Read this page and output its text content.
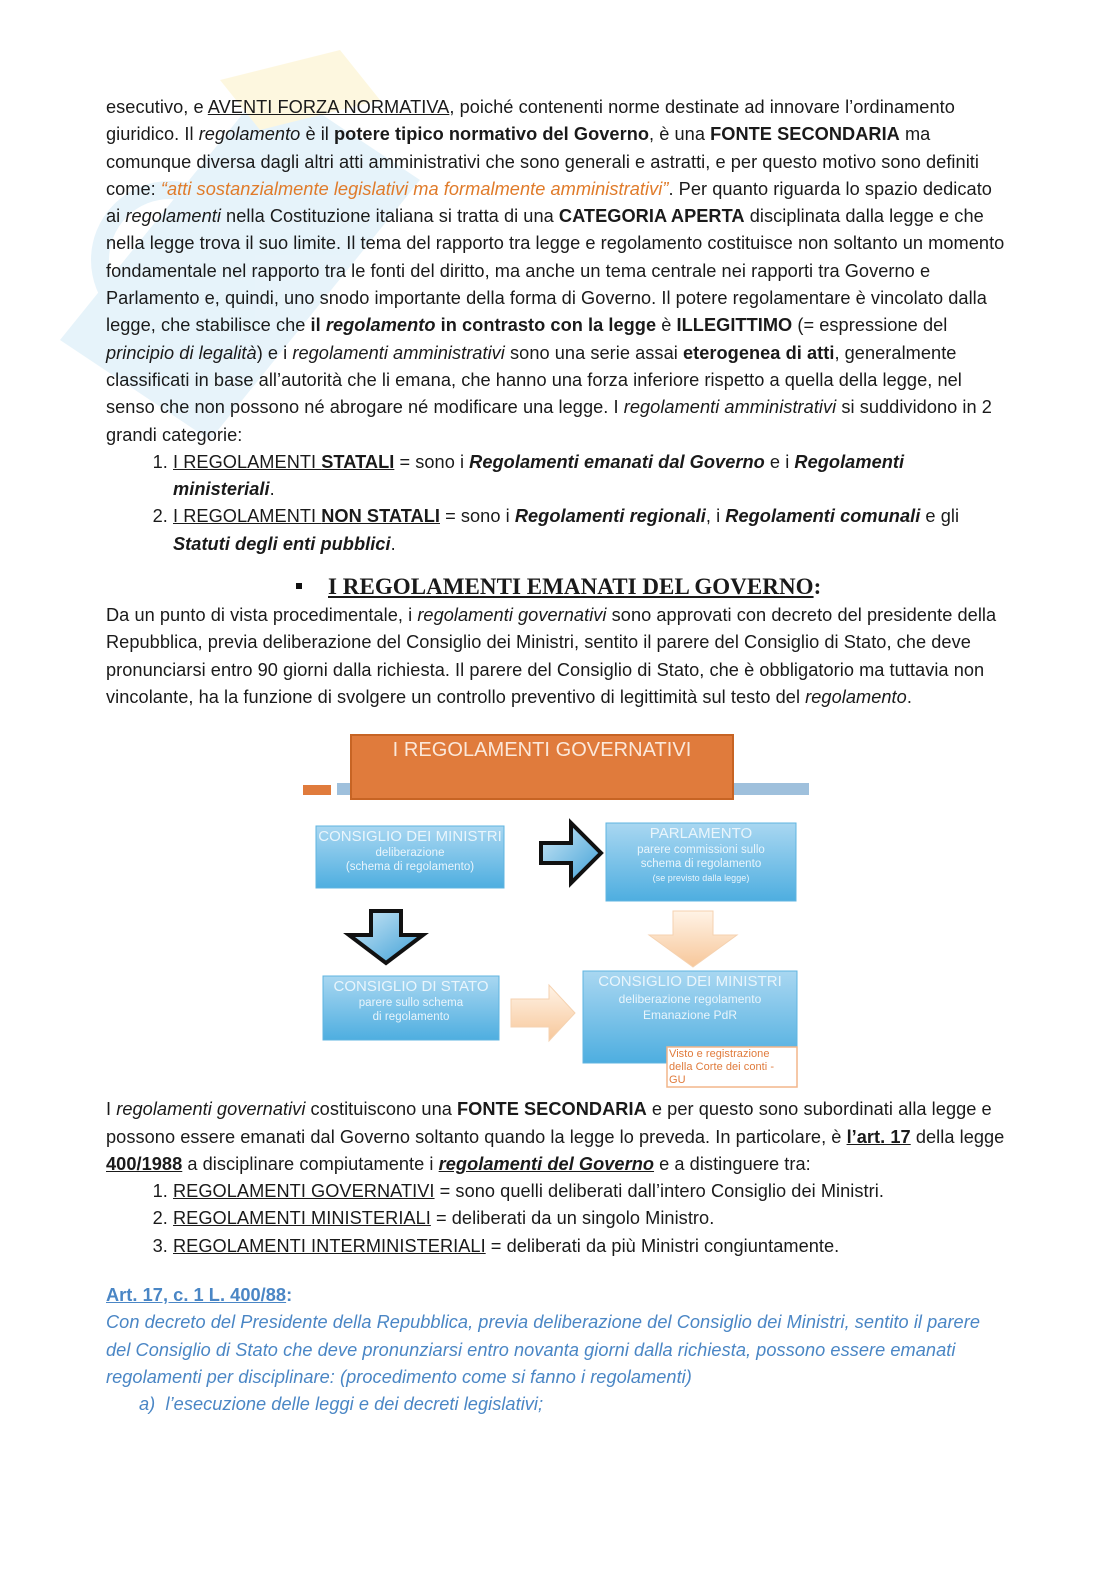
esecutivo, e AVENTI FORZA NORMATIVA, poiché contenenti norme destinate ad innovare l’ordinamento giuridico. Il regolamento è il potere tipico normativo del Governo, è una FONTE SECONDARIA ma comunque diversa dagli altri atti amministrativi che sono generali e astratti, e per questo motivo sono definiti come: “atti sostanzialmente legislativi ma formalmente amministrativi”. Per quanto riguarda lo spazio dedicato ai regolamenti nella Costituzione italiana si tratta di una CATEGORIA APERTA disciplinata dalla legge e che nella legge trova il suo limite. Il tema del rapporto tra legge e regolamento costituisce non soltanto un momento fondamentale nel rapporto tra le fonti del diritto, ma anche un tema centrale nei rapporti tra Governo e Parlamento e, quindi, uno snodo importante della forma di Governo. Il potere regolamentare è vincolato dalla legge, che stabilisce che il regolamento in contrasto con la legge è ILLEGITTIMO (= espressione del principio di legalità) e i regolamenti amministrativi sono una serie assai eterogenea di atti, generalmente classificati in base all’autorità che li emana, che hanno una forza inferiore rispetto a quella della legge, nel senso che non possono né abrogare né modificare una legge. I regolamenti amministrativi si suddividono in 2 grandi categorie:

1. I REGOLAMENTI STATALI = sono i Regolamenti emanati dal Governo e i Regolamenti ministeriali.
2. I REGOLAMENTI NON STATALI = sono i Regolamenti regionali, i Regolamenti comunali e gli Statuti degli enti pubblici.
I REGOLAMENTI EMANATI DEL GOVERNO:

Da un punto di vista procedimentale, i regolamenti governativi sono approvati con decreto del presidente della Repubblica, previa deliberazione del Consiglio dei Ministri, sentito il parere del Consiglio di Stato, che deve pronunciarsi entro 90 giorni dalla richiesta. Il parere del Consiglio di Stato, che è obbligatorio ma tuttavia non vincolante, ha la funzione di svolgere un controllo preventivo di legittimità sul testo del regolamento.

I REGOLAMENTI GOVERNATIVI
CONSIGLIO DEI MINISTRI
deliberazione
(schema di regolamento)
PARLAMENTO
parere commissioni sullo
schema di regolamento
(se previsto dalla legge)
CONSIGLIO DI STATO
parere sullo schema
di regolamento
CONSIGLIO DEI MINISTRI
deliberazione regolamento
Emanazione PdR
Visto e registrazione
della Corte dei conti -
GU

I regolamenti governativi costituiscono una FONTE SECONDARIA e per questo sono subordinati alla legge e possono essere emanati dal Governo soltanto quando la legge lo preveda. In particolare, è l’art. 17 della legge 400/1988 a disciplinare compiutamente i regolamenti del Governo e a distinguere tra:

1. REGOLAMENTI GOVERNATIVI = sono quelli deliberati dall’intero Consiglio dei Ministri.
2. REGOLAMENTI MINISTERIALI = deliberati da un singolo Ministro.
3. REGOLAMENTI INTERMINISTERIALI = deliberati da più Ministri congiuntamente.

Art. 17, c. 1 L. 400/88:

Con decreto del Presidente della Repubblica, previa deliberazione del Consiglio dei Ministri, sentito il parere del Consiglio di Stato che deve pronunziarsi entro novanta giorni dalla richiesta, possono essere emanati regolamenti per disciplinare: (procedimento come si fanno i regolamenti)

a) l’esecuzione delle leggi e dei decreti legislativi;
